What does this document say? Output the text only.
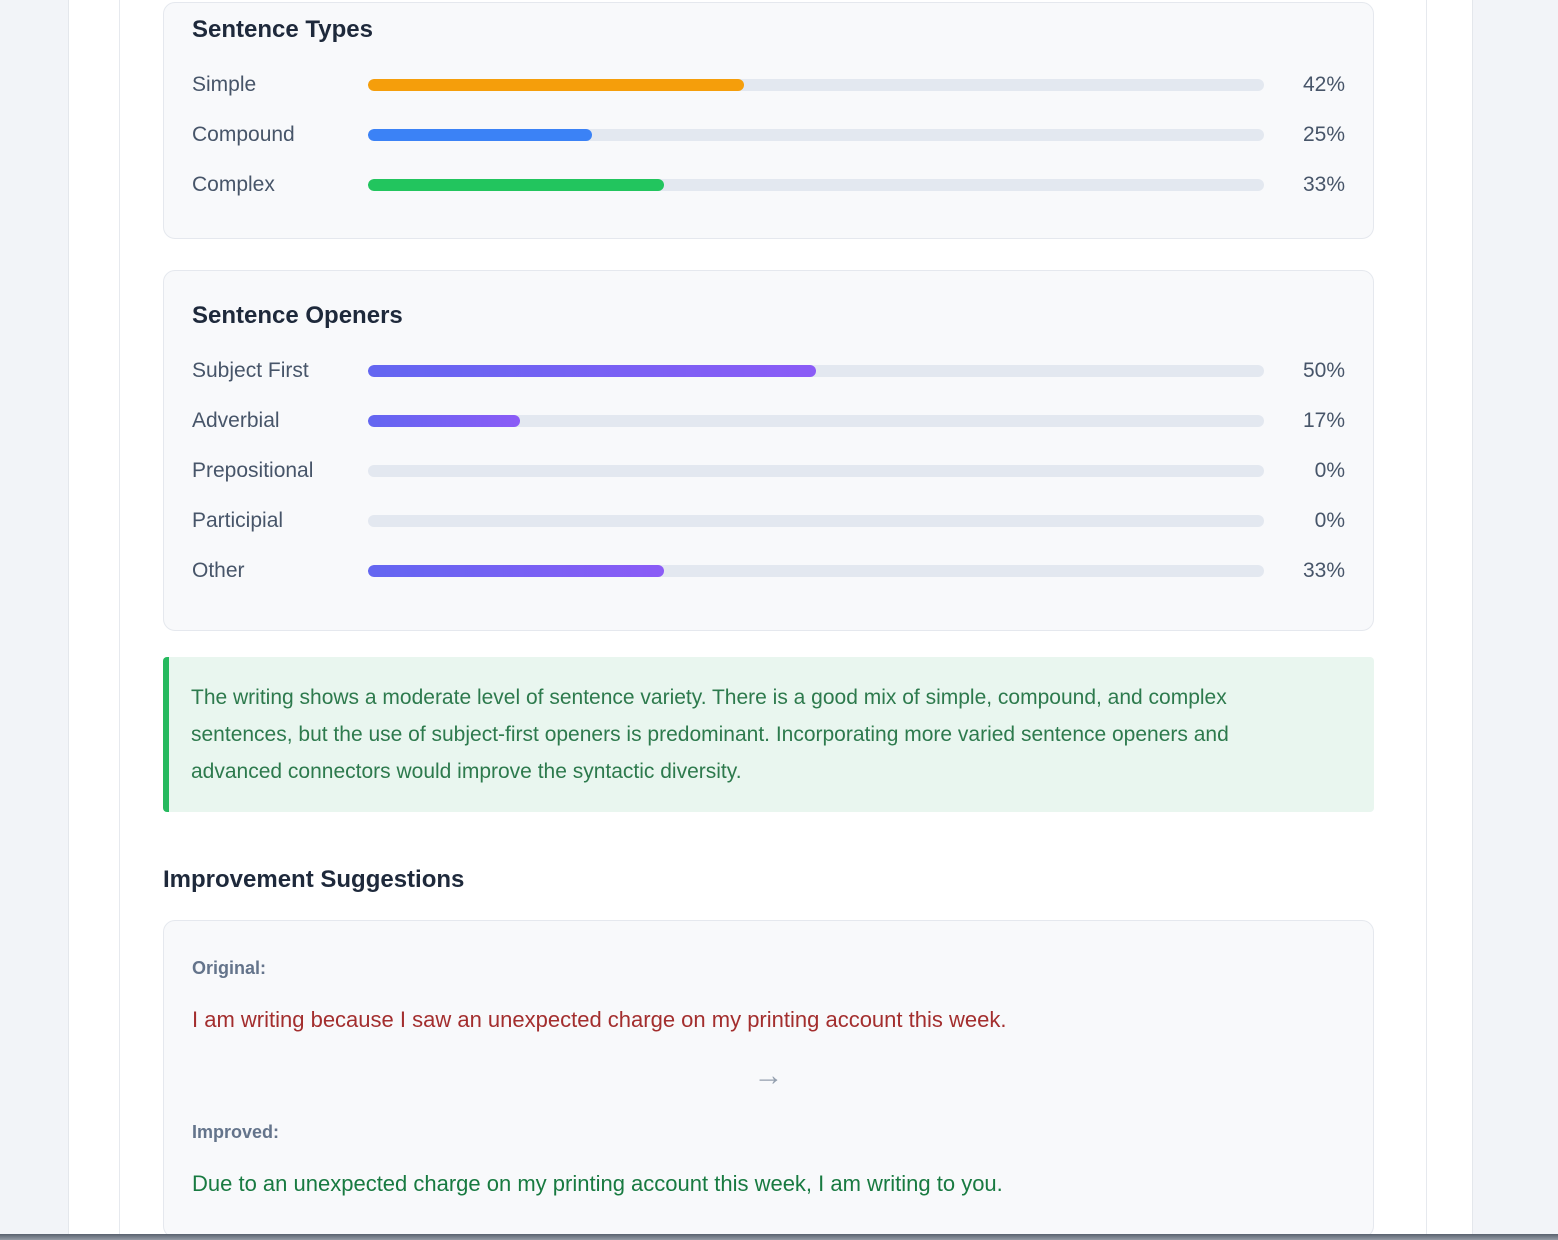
Sentence Types
Simple	42%
Compound	25%
Complex	33%
Sentence Openers
Subject First	50%
Adverbial	17%
Prepositional	0%
Participial	0%
Other	33%

The writing shows a moderate level of sentence variety. There is a good mix of simple, compound, and complex sentences, but the use of subject-first openers is predominant. Incorporating more varied sentence openers and advanced connectors would improve the syntactic diversity.

Improvement Suggestions
Original:

I am writing because I saw an unexpected charge on my printing account this week.

→
Improved:

Due to an unexpected charge on my printing account this week, I am writing to you.
